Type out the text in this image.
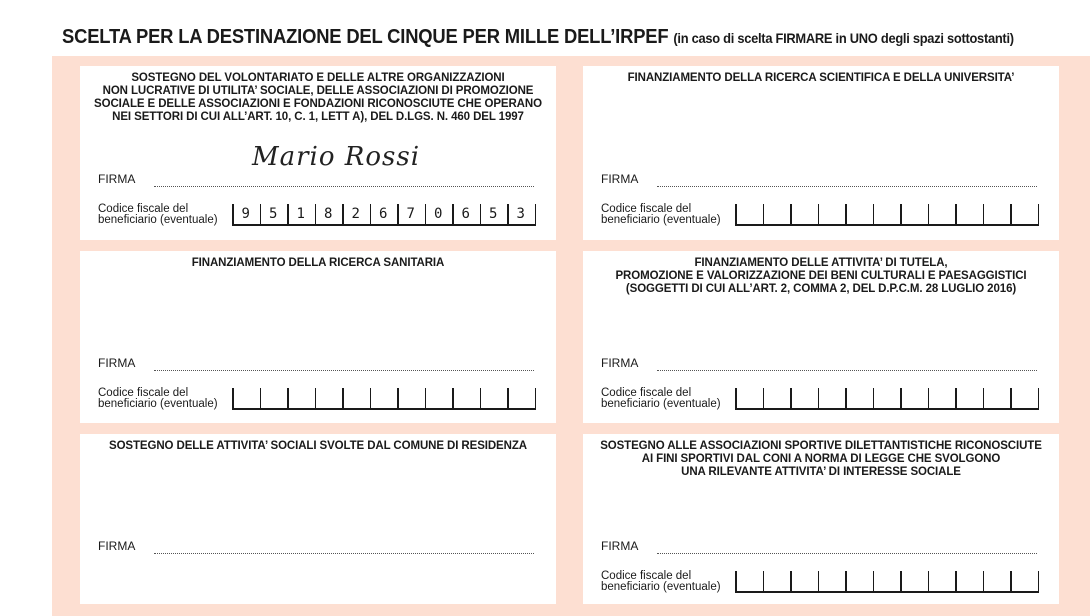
SCELTA PER LA DESTINAZIONE DEL CINQUE PER MILLE DELL’IRPEF (in caso di scelta FIRMARE in UNO degli spazi sottostanti)
SOSTEGNO DEL VOLONTARIATO E DELLE ALTRE ORGANIZZAZIONI
NON LUCRATIVE DI UTILITA’ SOCIALE, DELLE ASSOCIAZIONI DI PROMOZIONE
SOCIALE E DELLE ASSOCIAZIONI E FONDAZIONI RICONOSCIUTE CHE OPERANO
NEI SETTORI DI CUI ALL’ART. 10, C. 1, LETT A), DEL D.LGS. N. 460 DEL 1997
FIRMA
Mario Rossi
Codice fiscale del
beneficiario (eventuale)	9	5	1	8	2	6	7	0	6	5	3
FINANZIAMENTO DELLA RICERCA SCIENTIFICA E DELLA UNIVERSITA’
FIRMA
Codice fiscale del
beneficiario (eventuale)
FINANZIAMENTO DELLA RICERCA SANITARIA
FIRMA
Codice fiscale del
beneficiario (eventuale)
FINANZIAMENTO DELLE ATTIVITA’ DI TUTELA,
PROMOZIONE E VALORIZZAZIONE DEI BENI CULTURALI E PAESAGGISTICI
(SOGGETTI DI CUI ALL’ART. 2, COMMA 2, DEL D.P.C.M. 28 LUGLIO 2016)
FIRMA
Codice fiscale del
beneficiario (eventuale)
SOSTEGNO DELLE ATTIVITA’ SOCIALI SVOLTE DAL COMUNE DI RESIDENZA
FIRMA
SOSTEGNO ALLE ASSOCIAZIONI SPORTIVE DILETTANTISTICHE RICONOSCIUTE
AI FINI SPORTIVI DAL CONI A NORMA DI LEGGE CHE SVOLGONO
UNA RILEVANTE ATTIVITA’ DI INTERESSE SOCIALE
FIRMA
Codice fiscale del
beneficiario (eventuale)
